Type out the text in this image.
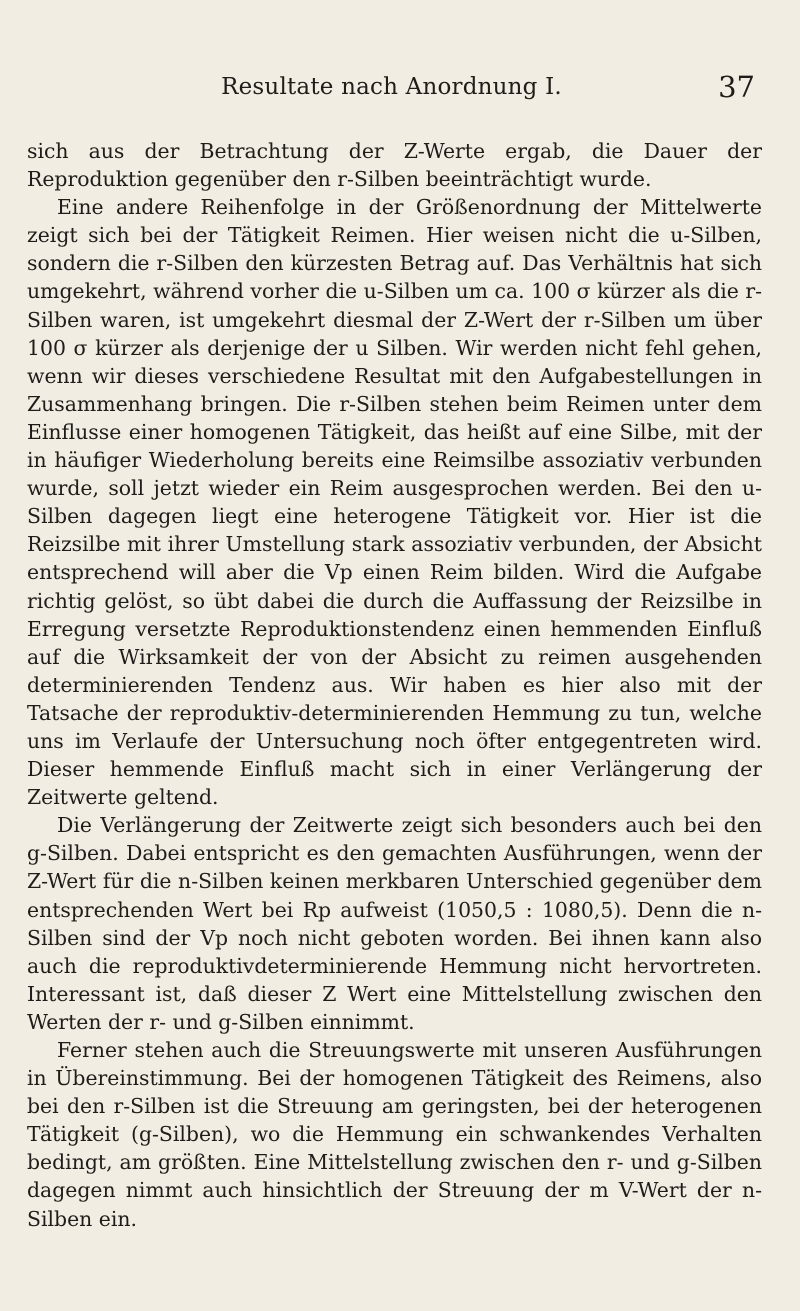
Resultate nach Anordnung I.	37

sich aus der Betrachtung der Z-Werte ergab, die Dauer der Reproduktion gegenüber den r-Silben beeinträchtigt wurde.

Eine andere Reihenfolge in der Größenordnung der Mittelwerte zeigt sich bei der Tätigkeit Reimen. Hier weisen nicht die u-Silben, sondern die r-Silben den kürzesten Betrag auf. Das Verhältnis hat sich umgekehrt, während vorher die u-Silben um ca. 100 σ kürzer als die r-Silben waren, ist umgekehrt diesmal der Z-Wert der r-Silben um über 100 σ kürzer als derjenige der u Silben. Wir werden nicht fehl gehen, wenn wir dieses verschiedene Resultat mit den Aufgabestellungen in Zusammenhang bringen. Die r-Silben stehen beim Reimen unter dem Einflusse einer homogenen Tätigkeit, das heißt auf eine Silbe, mit der in häufiger Wiederholung bereits eine Reimsilbe assoziativ verbunden wurde, soll jetzt wieder ein Reim ausgesprochen werden. Bei den u-Silben dagegen liegt eine heterogene Tätigkeit vor. Hier ist die Reizsilbe mit ihrer Umstellung stark assoziativ verbunden, der Absicht entsprechend will aber die Vp einen Reim bilden. Wird die Aufgabe richtig gelöst, so übt dabei die durch die Auffassung der Reizsilbe in Erregung versetzte Reproduktionstendenz einen hemmenden Einfluß auf die Wirksamkeit der von der Absicht zu reimen ausgehenden determinierenden Tendenz aus. Wir haben es hier also mit der Tatsache der reproduktiv-determinierenden Hemmung zu tun, welche uns im Verlaufe der Untersuchung noch öfter entgegentreten wird. Dieser hemmende Einfluß macht sich in einer Verlängerung der Zeitwerte geltend.

Die Verlängerung der Zeitwerte zeigt sich besonders auch bei den g-Silben. Dabei entspricht es den gemachten Ausführungen, wenn der Z-Wert für die n-Silben keinen merkbaren Unterschied gegenüber dem entsprechenden Wert bei Rp aufweist (1050,5 : 1080,5). Denn die n-Silben sind der Vp noch nicht geboten worden. Bei ihnen kann also auch die reproduktivdeterminierende Hemmung nicht hervortreten. Interessant ist, daß dieser Z Wert eine Mittelstellung zwischen den Werten der r- und g-Silben einnimmt.

Ferner stehen auch die Streuungswerte mit unseren Ausführungen in Übereinstimmung. Bei der homogenen Tätigkeit des Reimens, also bei den r-Silben ist die Streuung am geringsten, bei der heterogenen Tätigkeit (g-Silben), wo die Hemmung ein schwankendes Verhalten bedingt, am größten. Eine Mittelstellung zwischen den r- und g-Silben dagegen nimmt auch hinsichtlich der Streuung der m V-Wert der n-Silben ein.
